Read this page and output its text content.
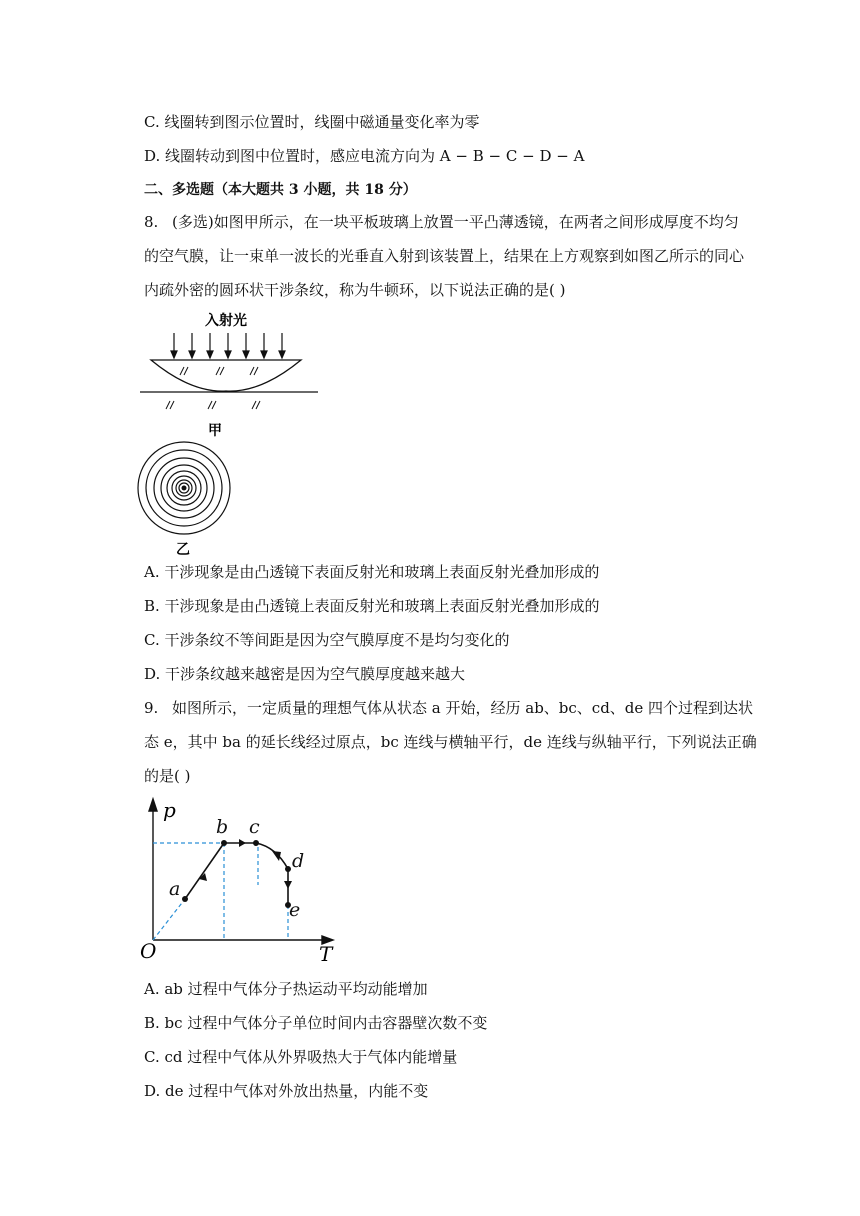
C. 线圈转到图示位置时，线圈中磁通量变化率为零
D. 线圈转动到图中位置时，感应电流方向为 A − B − C − D − A
二、多选题（本大题共 3 小题，共 18 分）
8. (多选)如图甲所示，在一块平板玻璃上放置一平凸薄透镜，在两者之间形成厚度不均匀
的空气膜，让一束单一波长的光垂直入射到该装置上，结果在上方观察到如图乙所示的同心
内疏外密的圆环状干涉条纹，称为牛顿环，以下说法正确的是( )
入射光
甲
乙
A. 干涉现象是由凸透镜下表面反射光和玻璃上表面反射光叠加形成的
B. 干涉现象是由凸透镜上表面反射光和玻璃上表面反射光叠加形成的
C. 干涉条纹不等间距是因为空气膜厚度不是均匀变化的
D. 干涉条纹越来越密是因为空气膜厚度越来越大
9. 如图所示，一定质量的理想气体从状态 a 开始，经历 ab、bc、cd、de 四个过程到达状
态 e，其中 ba 的延长线经过原点，bc 连线与横轴平行，de 连线与纵轴平行，下列说法正确
的是( )
p
T
O
a
b c
d
e
A. ab 过程中气体分子热运动平均动能增加
B. bc 过程中气体分子单位时间内击容器壁次数不变
C. cd 过程中气体从外界吸热大于气体内能增量
D. de 过程中气体对外放出热量，内能不变
